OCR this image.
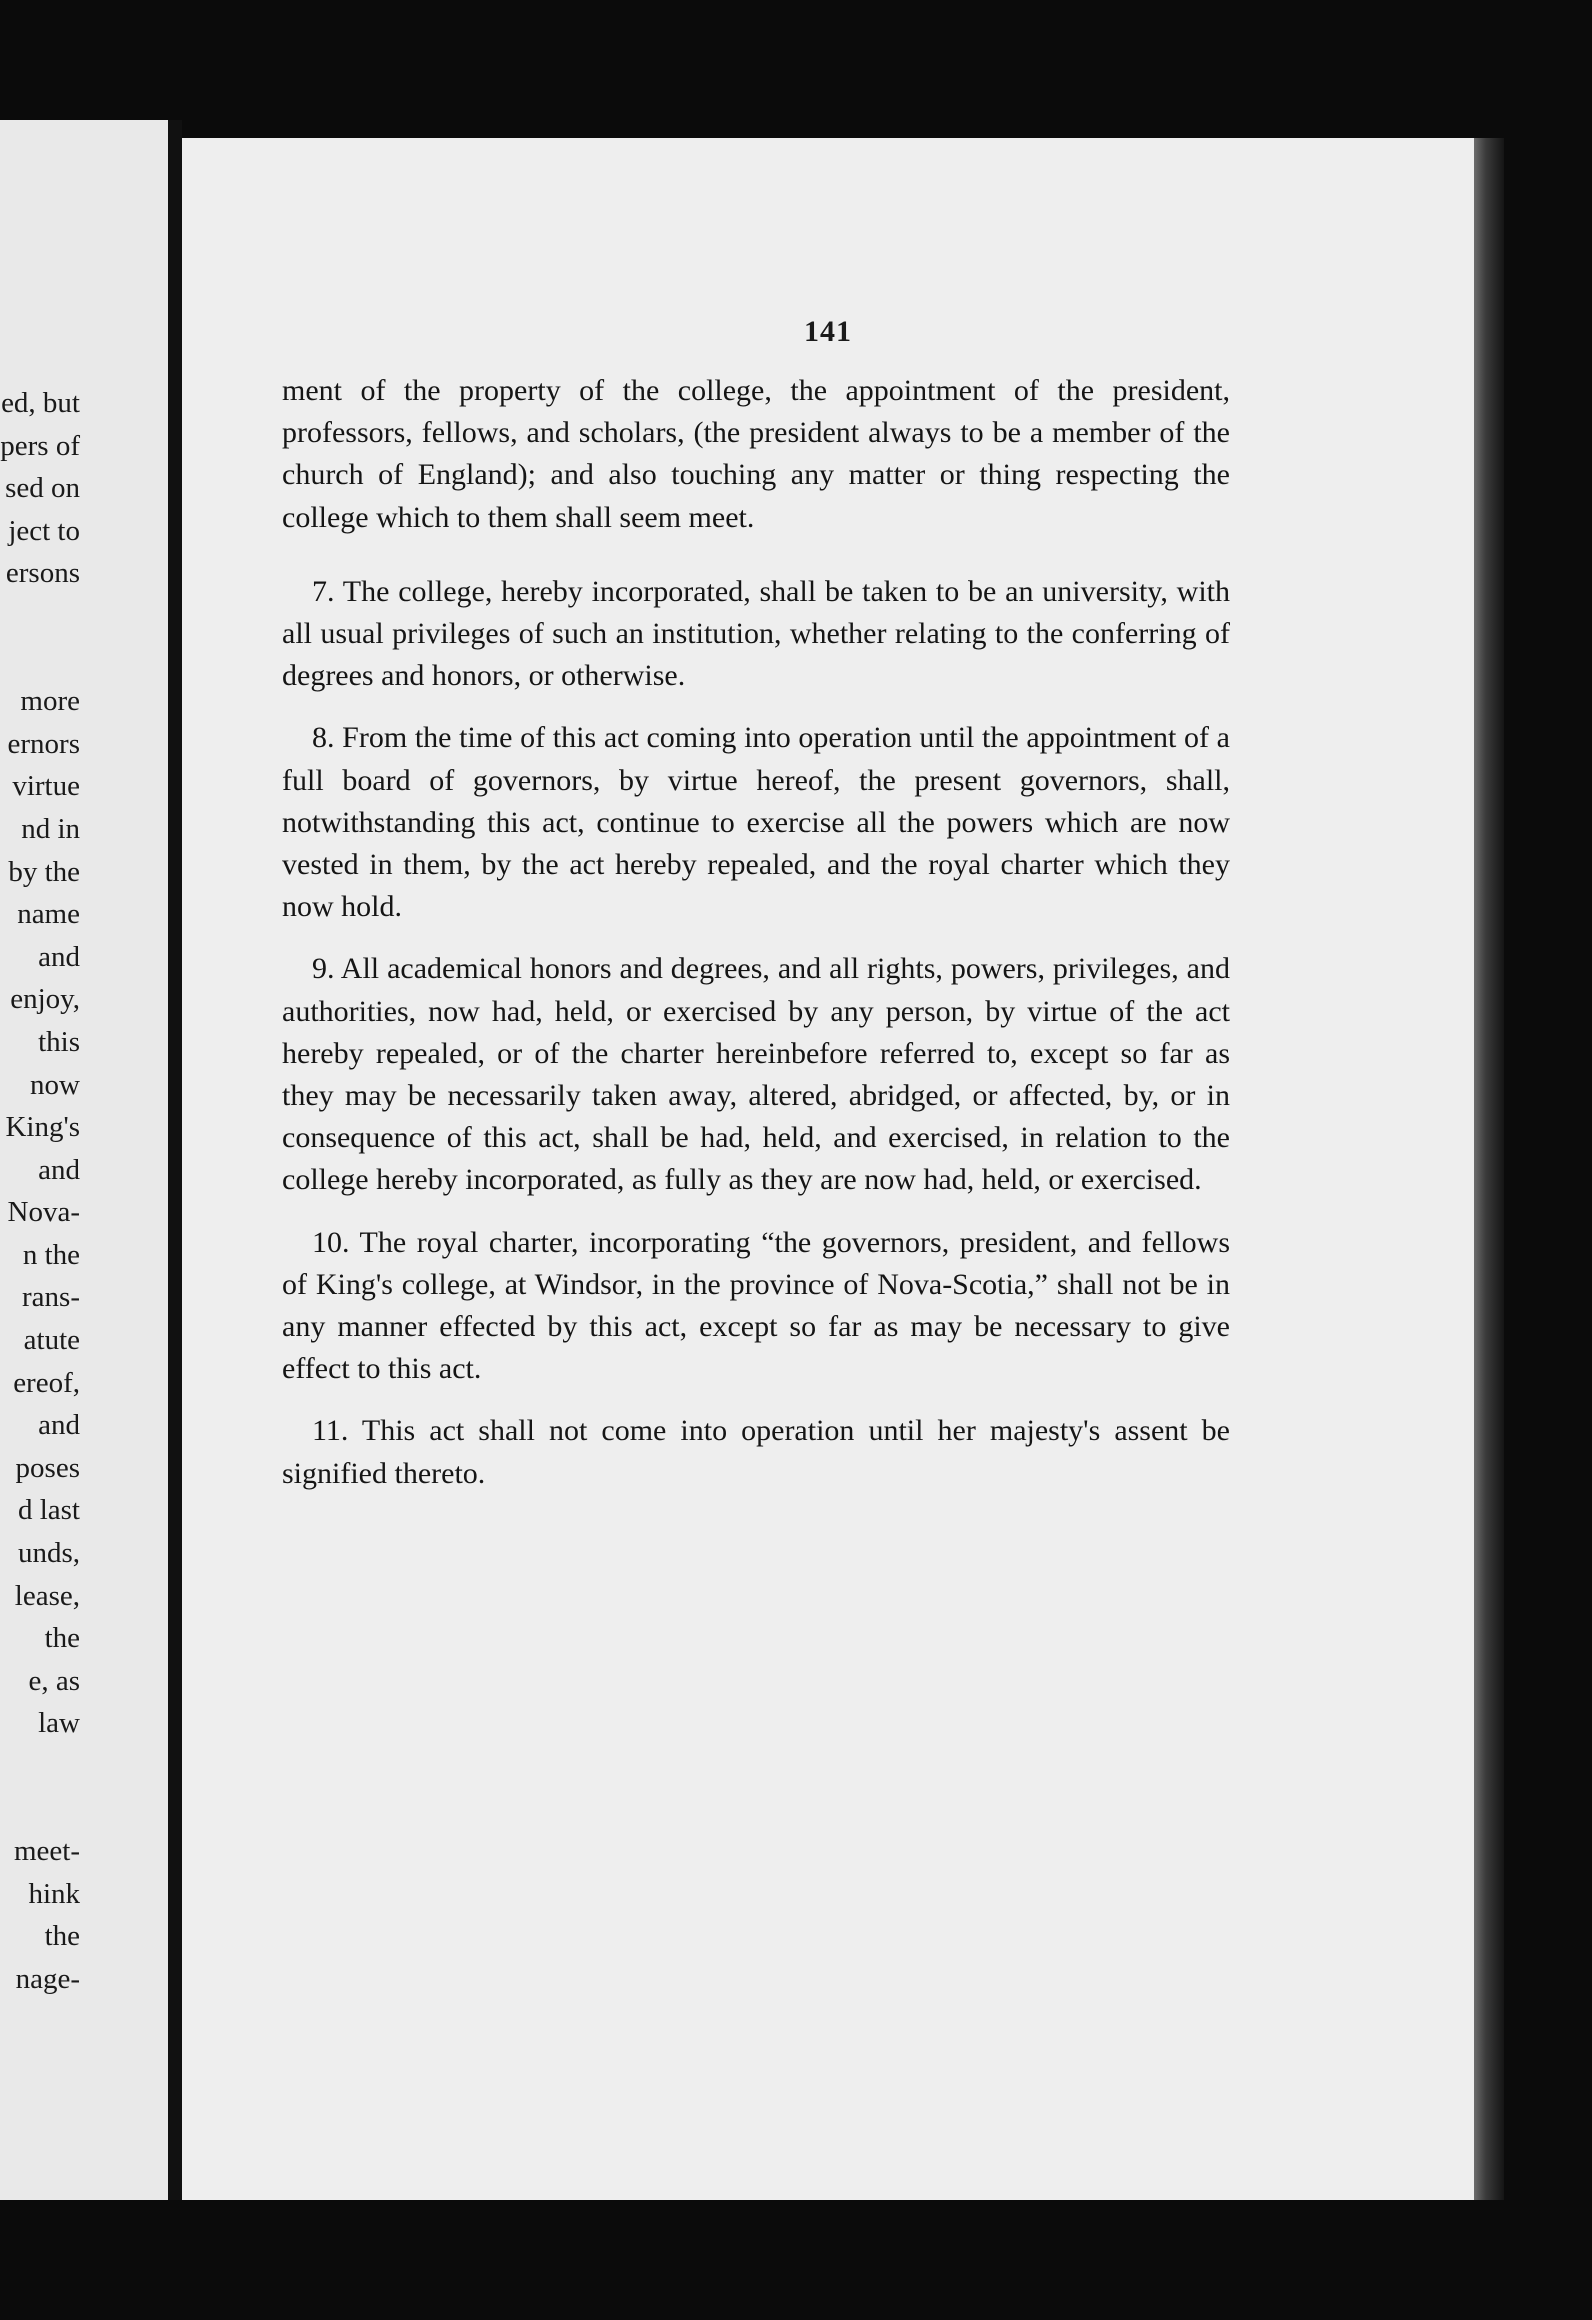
ed, but
pers of
sed on
ject to
ersons

more
ernors
virtue
nd in
by the
name
and
enjoy,
this
now
King's
and
Nova-
n the
rans-
atute
ereof,
and
poses
d last
unds,
lease,
the
e, as
law

meet-
hink
the
nage-
141

ment of the property of the college, the appointment of the president, professors, fellows, and scholars, (the president always to be a member of the church of England); and also touching any matter or thing respecting the college which to them shall seem meet.

7. The college, hereby incorporated, shall be taken to be an university, with all usual privileges of such an institution, whether relating to the conferring of degrees and honors, or otherwise.

8. From the time of this act coming into operation until the appointment of a full board of governors, by virtue hereof, the present governors, shall, notwithstanding this act, continue to exercise all the powers which are now vested in them, by the act hereby repealed, and the royal charter which they now hold.

9. All academical honors and degrees, and all rights, powers, privileges, and authorities, now had, held, or exercised by any person, by virtue of the act hereby repealed, or of the charter hereinbefore referred to, except so far as they may be necessarily taken away, altered, abridged, or affected, by, or in consequence of this act, shall be had, held, and exercised, in relation to the college hereby incorporated, as fully as they are now had, held, or exercised.

10. The royal charter, incorporating “the governors, president, and fellows of King's college, at Windsor, in the province of Nova-Scotia,” shall not be in any manner effected by this act, except so far as may be necessary to give effect to this act.

11. This act shall not come into operation until her majesty's assent be signified thereto.
